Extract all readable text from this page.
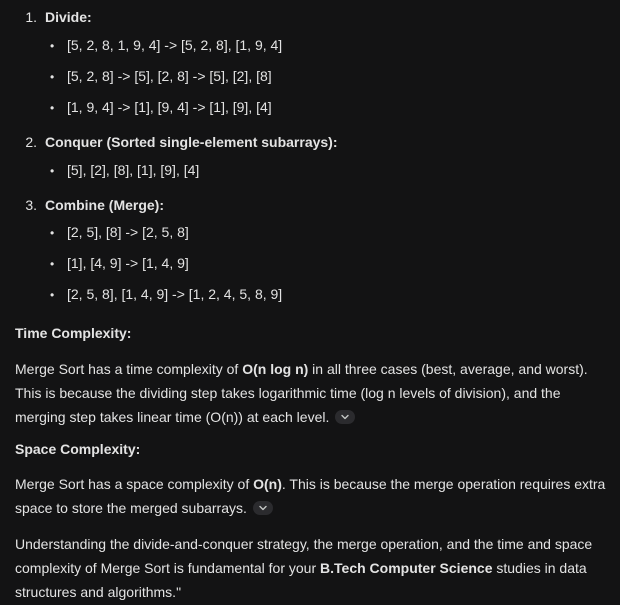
1. Divide:
• [5, 2, 8, 1, 9, 4] -> [5, 2, 8], [1, 9, 4]
• [5, 2, 8] -> [5], [2, 8] -> [5], [2], [8]
• [1, 9, 4] -> [1], [9, 4] -> [1], [9], [4]
2. Conquer (Sorted single-element subarrays):
• [5], [2], [8], [1], [9], [4]
3. Combine (Merge):
• [2, 5], [8] -> [2, 5, 8]
• [1], [4, 9] -> [1, 4, 9]
• [2, 5, 8], [1, 4, 9] -> [1, 2, 4, 5, 8, 9]
Time Complexity:

Merge Sort has a time complexity of O(n log n) in all three cases (best, average, and worst). This is because the dividing step takes logarithmic time (log n levels of division), and the merging step takes linear time (O(n)) at each level.

Space Complexity:

Merge Sort has a space complexity of O(n). This is because the merge operation requires extra space to store the merged subarrays.

Understanding the divide-and-conquer strategy, the merge operation, and the time and space complexity of Merge Sort is fundamental for your B.Tech Computer Science studies in data structures and algorithms."
